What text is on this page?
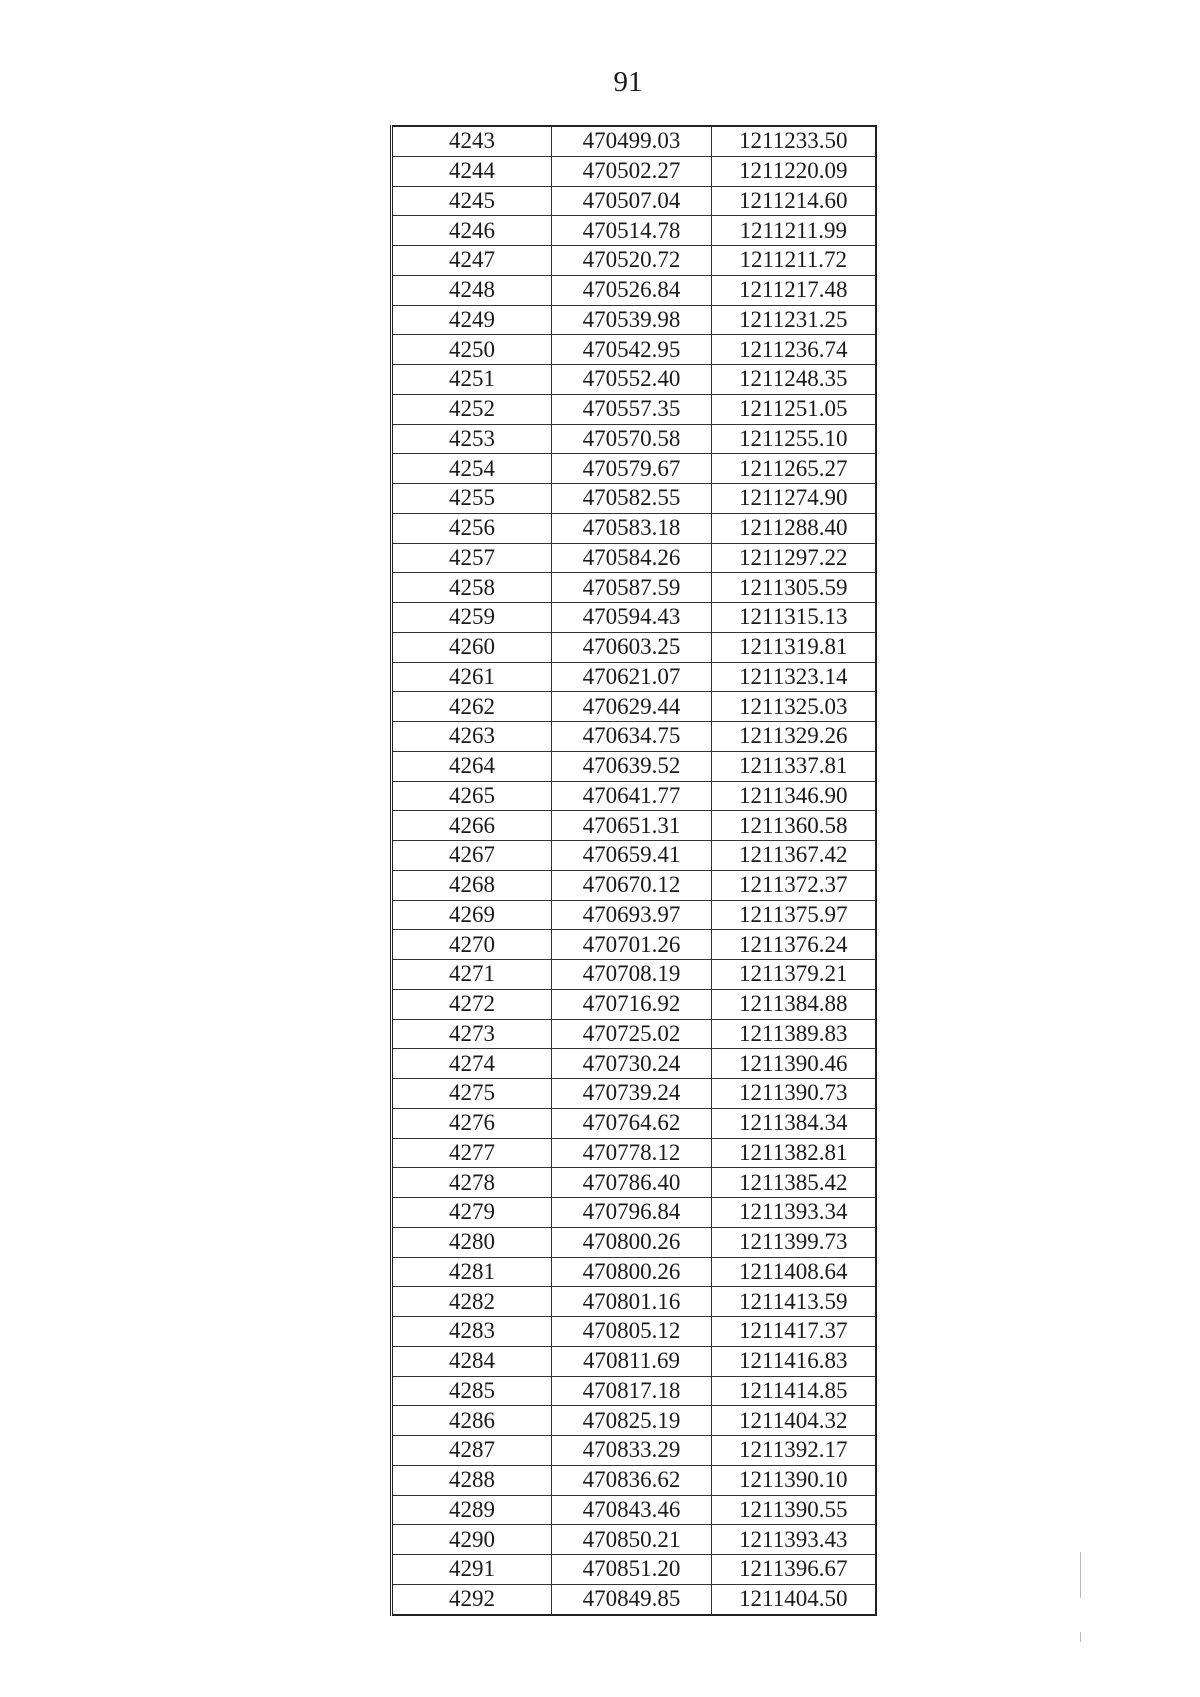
91
4243	470499.03	1211233.50
4244	470502.27	1211220.09
4245	470507.04	1211214.60
4246	470514.78	1211211.99
4247	470520.72	1211211.72
4248	470526.84	1211217.48
4249	470539.98	1211231.25
4250	470542.95	1211236.74
4251	470552.40	1211248.35
4252	470557.35	1211251.05
4253	470570.58	1211255.10
4254	470579.67	1211265.27
4255	470582.55	1211274.90
4256	470583.18	1211288.40
4257	470584.26	1211297.22
4258	470587.59	1211305.59
4259	470594.43	1211315.13
4260	470603.25	1211319.81
4261	470621.07	1211323.14
4262	470629.44	1211325.03
4263	470634.75	1211329.26
4264	470639.52	1211337.81
4265	470641.77	1211346.90
4266	470651.31	1211360.58
4267	470659.41	1211367.42
4268	470670.12	1211372.37
4269	470693.97	1211375.97
4270	470701.26	1211376.24
4271	470708.19	1211379.21
4272	470716.92	1211384.88
4273	470725.02	1211389.83
4274	470730.24	1211390.46
4275	470739.24	1211390.73
4276	470764.62	1211384.34
4277	470778.12	1211382.81
4278	470786.40	1211385.42
4279	470796.84	1211393.34
4280	470800.26	1211399.73
4281	470800.26	1211408.64
4282	470801.16	1211413.59
4283	470805.12	1211417.37
4284	470811.69	1211416.83
4285	470817.18	1211414.85
4286	470825.19	1211404.32
4287	470833.29	1211392.17
4288	470836.62	1211390.10
4289	470843.46	1211390.55
4290	470850.21	1211393.43
4291	470851.20	1211396.67
4292	470849.85	1211404.50
